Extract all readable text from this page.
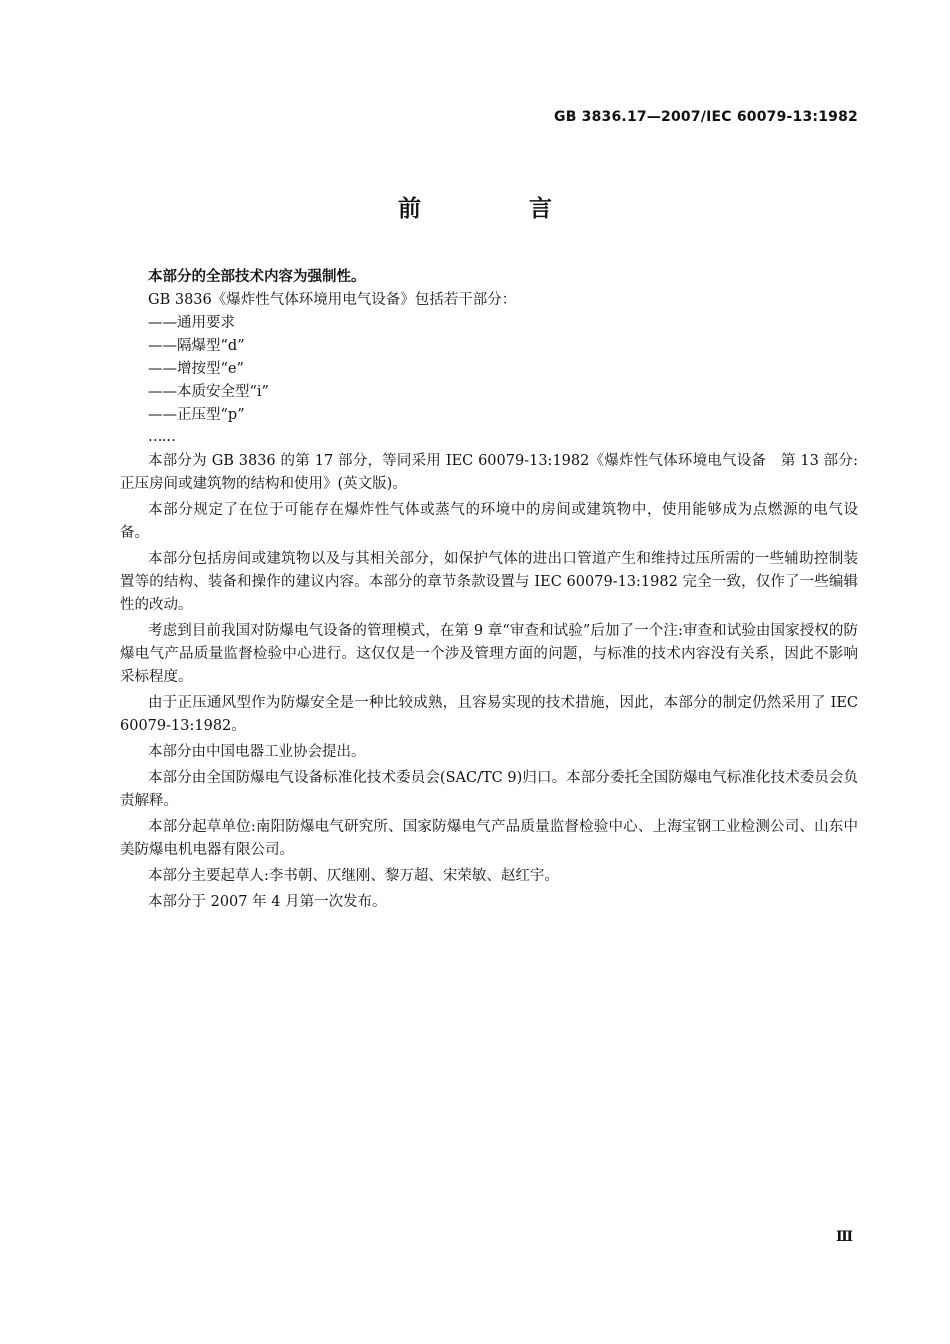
GB 3836.17—2007/IEC 60079-13:1982
前 言

本部分的全部技术内容为强制性。

GB 3836《爆炸性气体环境用电气设备》包括若干部分：

——通用要求

——隔爆型“d”

——增按型“e”

——本质安全型“i”

——正压型“p”

……

本部分为 GB 3836 的第 17 部分，等同采用 IEC 60079-13:1982《爆炸性气体环境电气设备　第 13 部分:正压房间或建筑物的结构和使用》(英文版)。

本部分规定了在位于可能存在爆炸性气体或蒸气的环境中的房间或建筑物中，使用能够成为点燃源的电气设备。

本部分包括房间或建筑物以及与其相关部分，如保护气体的进出口管道产生和维持过压所需的一些辅助控制装置等的结构、装备和操作的建议内容。本部分的章节条款设置与 IEC 60079-13:1982 完全一致，仅作了一些编辑性的改动。

考虑到目前我国对防爆电气设备的管理模式，在第 9 章“审查和试验”后加了一个注:审查和试验由国家授权的防爆电气产品质量监督检验中心进行。这仅仅是一个涉及管理方面的问题，与标准的技术内容没有关系，因此不影响采标程度。

由于正压通风型作为防爆安全是一种比较成熟，且容易实现的技术措施，因此，本部分的制定仍然采用了 IEC 60079-13:1982。

本部分由中国电器工业协会提出。

本部分由全国防爆电气设备标准化技术委员会(SAC/TC 9)归口。本部分委托全国防爆电气标准化技术委员会负责解释。

本部分起草单位:南阳防爆电气研究所、国家防爆电气产品质量监督检验中心、上海宝钢工业检测公司、山东中美防爆电机电器有限公司。

本部分主要起草人:李书朝、仄继刚、黎万超、宋荣敏、赵红宇。

本部分于 2007 年 4 月第一次发布。

Ⅲ
